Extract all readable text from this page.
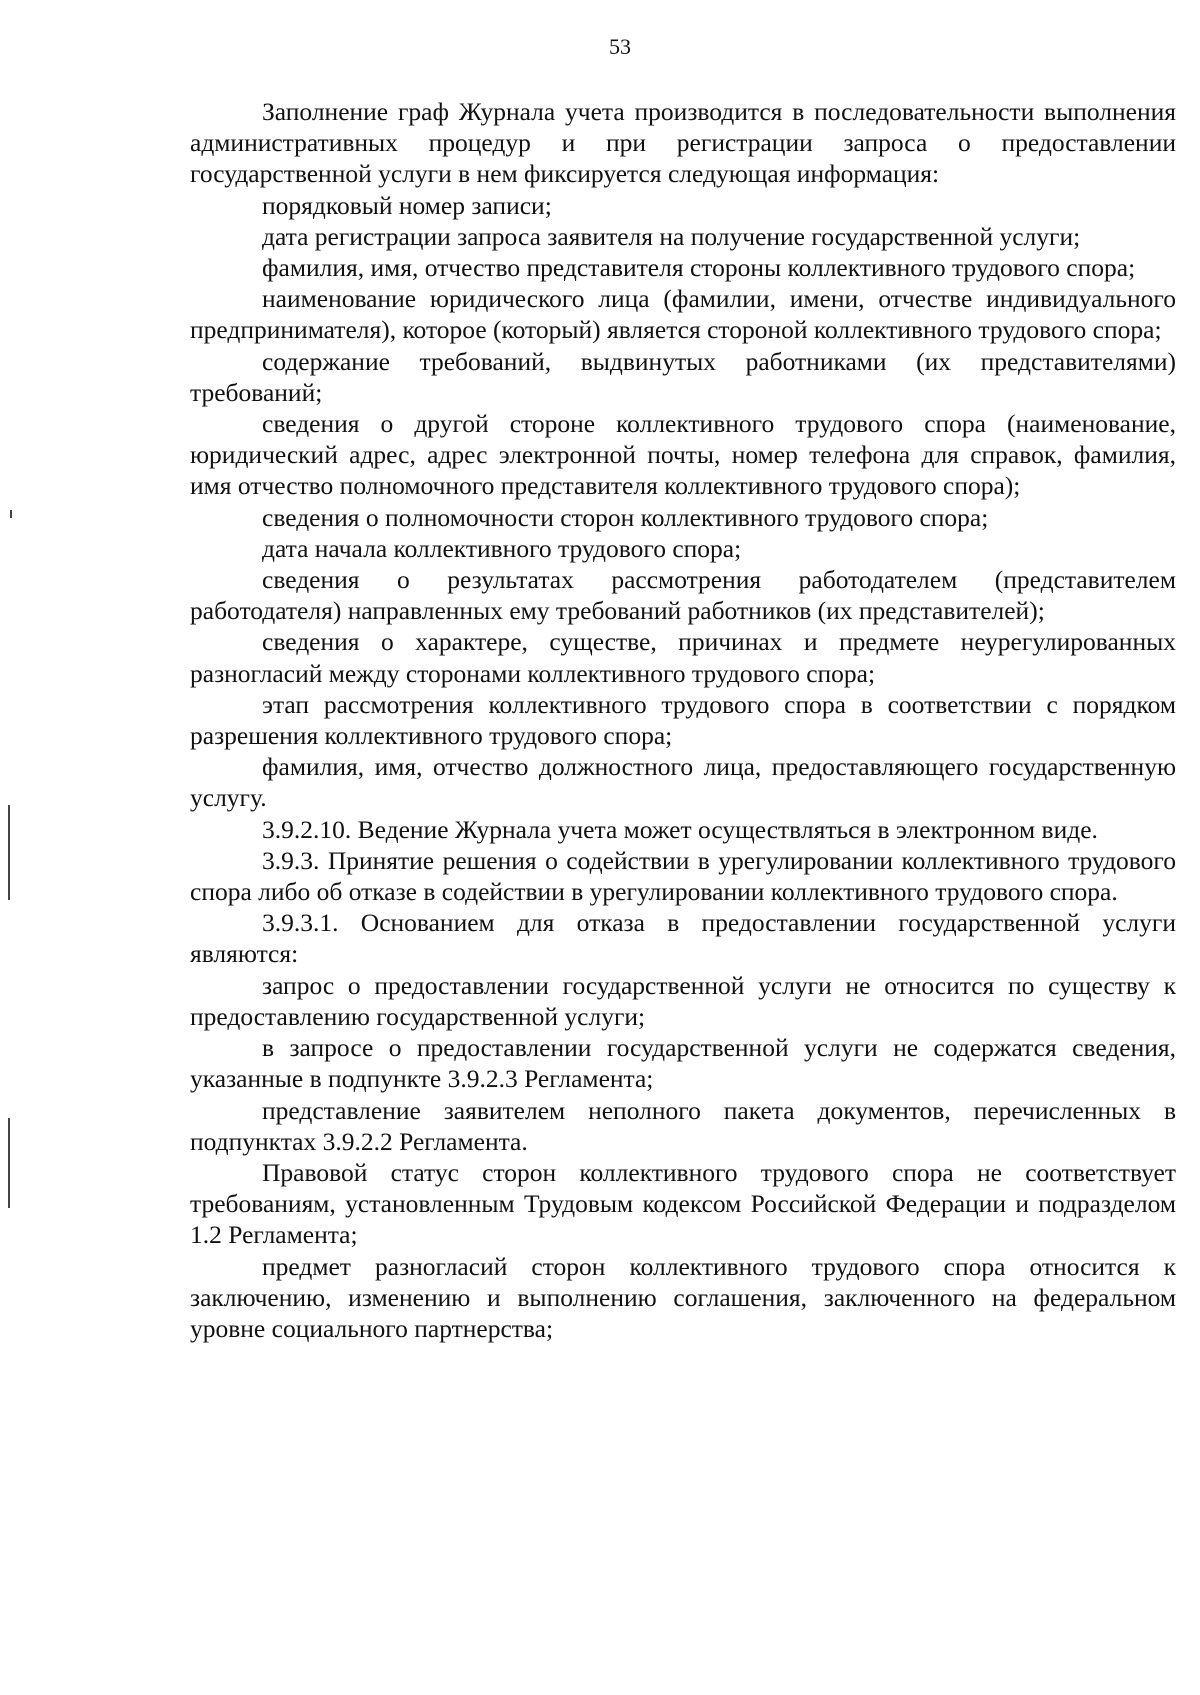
53

Заполнение граф Журнала учета производится в последовательности выполнения административных процедур и при регистрации запроса о предоставлении государственной услуги в нем фиксируется следующая информация:

порядковый номер записи;

дата регистрации запроса заявителя на получение государственной услуги;

фамилия, имя, отчество представителя стороны коллективного трудового спора;

наименование юридического лица (фамилии, имени, отчестве индивидуального предпринимателя), которое (который) является стороной коллективного трудового спора;

содержание требований, выдвинутых работниками (их представителями) требований;

сведения о другой стороне коллективного трудового спора (наименование, юридический адрес, адрес электронной почты, номер телефона для справок, фамилия, имя отчество полномочного представителя коллективного трудового спора);

сведения о полномочности сторон коллективного трудового спора;

дата начала коллективного трудового спора;

сведения о результатах рассмотрения работодателем (представителем работодателя) направленных ему требований работников (их представителей);

сведения о характере, существе, причинах и предмете неурегулированных разногласий между сторонами коллективного трудового спора;

этап рассмотрения коллективного трудового спора в соответствии с порядком разрешения коллективного трудового спора;

фамилия, имя, отчество должностного лица, предоставляющего государственную услугу.

3.9.2.10. Ведение Журнала учета может осуществляться в электронном виде.

3.9.3. Принятие решения о содействии в урегулировании коллективного трудового спора либо об отказе в содействии в урегулировании коллективного трудового спора.

3.9.3.1. Основанием для отказа в предоставлении государственной услуги являются:

запрос о предоставлении государственной услуги не относится по существу к предоставлению государственной услуги;

в запросе о предоставлении государственной услуги не содержатся сведения, указанные в подпункте 3.9.2.3 Регламента;

представление заявителем неполного пакета документов, перечисленных в подпунктах 3.9.2.2 Регламента.

Правовой статус сторон коллективного трудового спора не соответствует требованиям, установленным Трудовым кодексом Российской Федерации и подразделом 1.2 Регламента;

предмет разногласий сторон коллективного трудового спора относится к заключению, изменению и выполнению соглашения, заключенного на федеральном уровне социального партнерства;
